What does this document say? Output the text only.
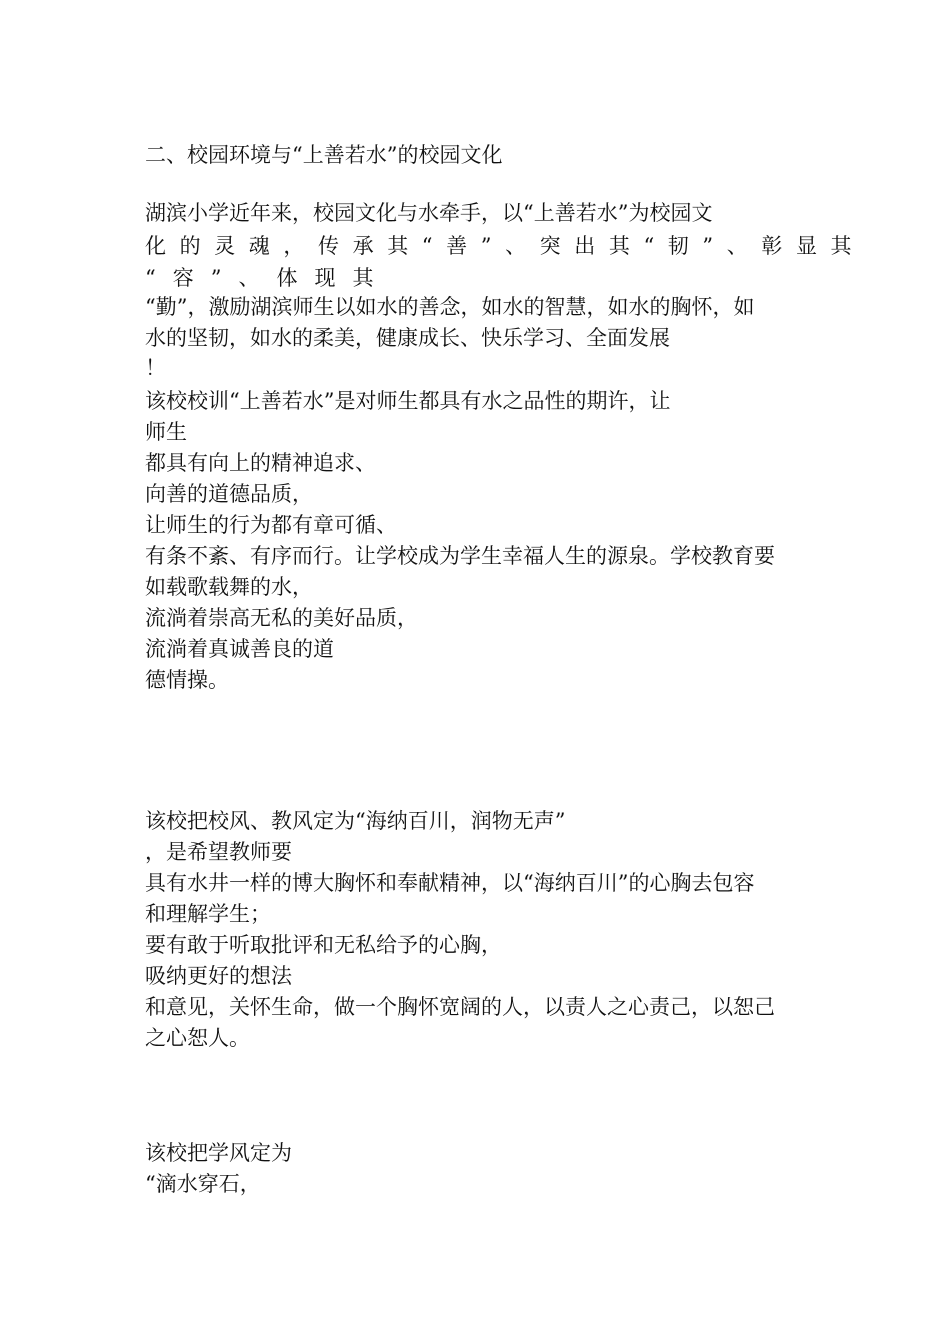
二、校园环境与“上善若水”的校园文化

湖滨小学近年来，校园文化与水牵手，以“上善若水”为校园文

化的灵魂，传承其“善”、突出其“韧”、彰显其

“容”、体现其

“勤”，激励湖滨师生以如水的善念，如水的智慧，如水的胸怀，如

水的坚韧，如水的柔美，健康成长、快乐学习、全面发展

！

该校校训“上善若水”是对师生都具有水之品性的期许，让

师生

都具有向上的精神追求、

向善的道德品质，

让师生的行为都有章可循、

有条不紊、有序而行。让学校成为学生幸福人生的源泉。学校教育要

如载歌载舞的水，

流淌着崇高无私的美好品质，

流淌着真诚善良的道

德情操。

该校把校风、教风定为“海纳百川，润物无声”

，是希望教师要

具有水井一样的博大胸怀和奉献精神，以“海纳百川”的心胸去包容

和理解学生；

要有敢于听取批评和无私给予的心胸，

吸纳更好的想法

和意见，关怀生命，做一个胸怀宽阔的人，以责人之心责己，以恕己

之心恕人。

该校把学风定为

“滴水穿石，
